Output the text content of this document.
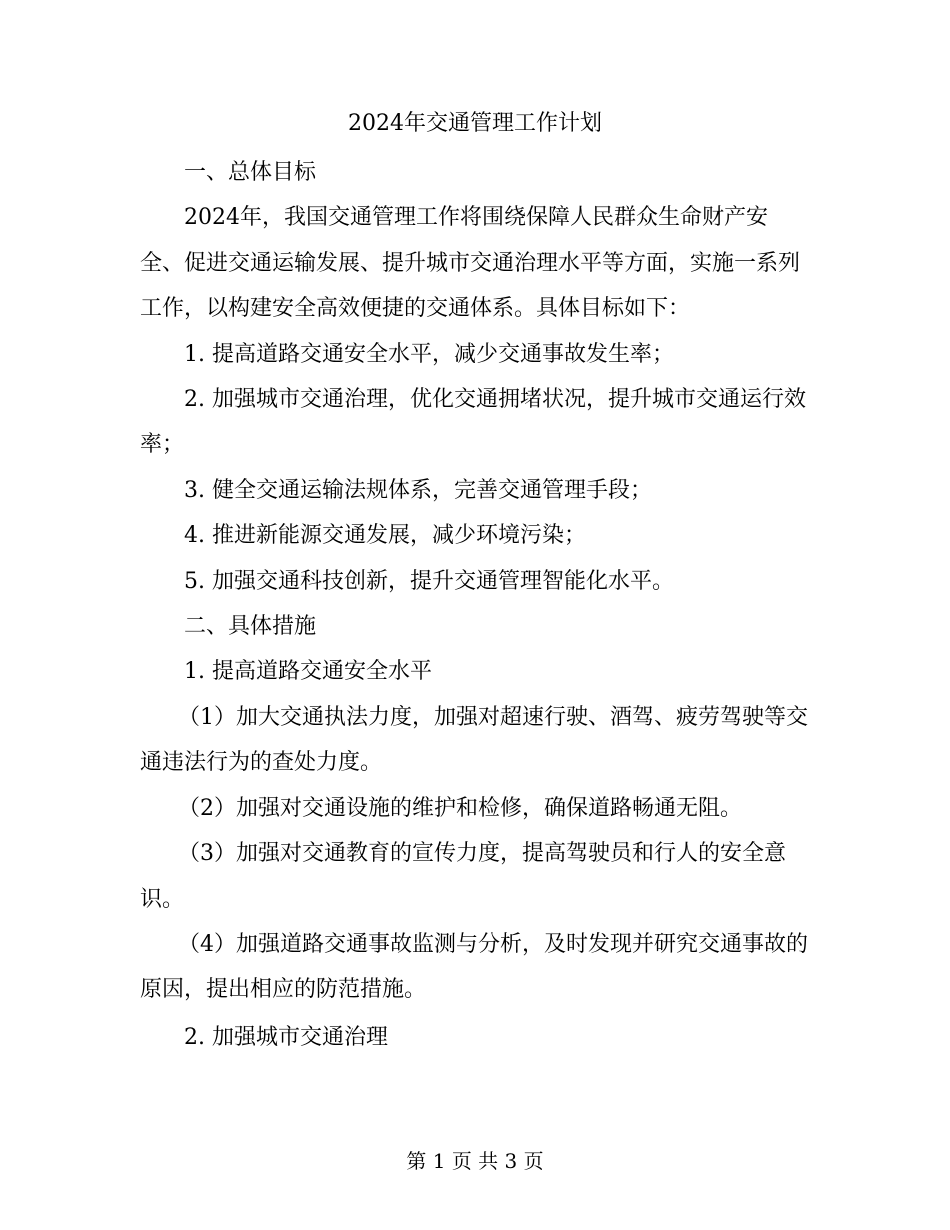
2024年交通管理工作计划

一、总体目标

2024年，我国交通管理工作将围绕保障人民群众生命财产安全、促进交通运输发展、提升城市交通治理水平等方面，实施一系列工作，以构建安全高效便捷的交通体系。具体目标如下：

1. 提高道路交通安全水平，减少交通事故发生率；

2. 加强城市交通治理，优化交通拥堵状况，提升城市交通运行效率；

3. 健全交通运输法规体系，完善交通管理手段；

4. 推进新能源交通发展，减少环境污染；

5. 加强交通科技创新，提升交通管理智能化水平。

二、具体措施

1. 提高道路交通安全水平

（1）加大交通执法力度，加强对超速行驶、酒驾、疲劳驾驶等交通违法行为的查处力度。

（2）加强对交通设施的维护和检修，确保道路畅通无阻。

（3）加强对交通教育的宣传力度，提高驾驶员和行人的安全意识。

（4）加强道路交通事故监测与分析，及时发现并研究交通事故的原因，提出相应的防范措施。

2. 加强城市交通治理

第 1 页 共 3 页
